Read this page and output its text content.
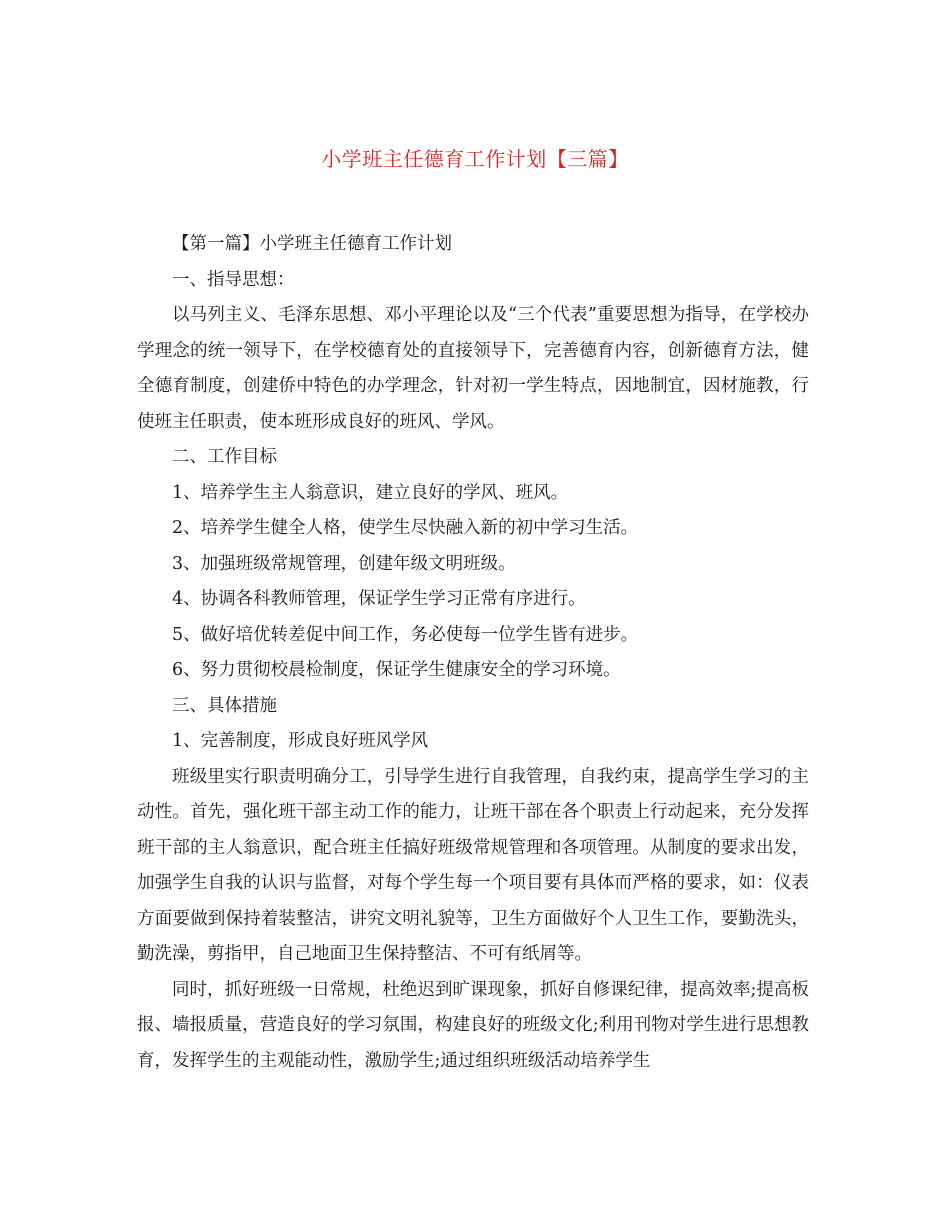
小学班主任德育工作计划【三篇】

【第一篇】小学班主任德育工作计划

一、指导思想：

以马列主义、毛泽东思想、邓小平理论以及“三个代表”重要思想为指导，在学校办学理念的统一领导下，在学校德育处的直接领导下，完善德育内容，创新德育方法，健全德育制度，创建侨中特色的办学理念，针对初一学生特点，因地制宜，因材施教，行使班主任职责，使本班形成良好的班风、学风。

二、工作目标

1、培养学生主人翁意识，建立良好的学风、班风。

2、培养学生健全人格，使学生尽快融入新的初中学习生活。

3、加强班级常规管理，创建年级文明班级。

4、协调各科教师管理，保证学生学习正常有序进行。

5、做好培优转差促中间工作，务必使每一位学生皆有进步。

6、努力贯彻校晨检制度，保证学生健康安全的学习环境。

三、具体措施

1、完善制度，形成良好班风学风

班级里实行职责明确分工，引导学生进行自我管理，自我约束，提高学生学习的主动性。首先，强化班干部主动工作的能力，让班干部在各个职责上行动起来，充分发挥班干部的主人翁意识，配合班主任搞好班级常规管理和各项管理。从制度的要求出发，加强学生自我的认识与监督，对每个学生每一个项目要有具体而严格的要求，如：仪表方面要做到保持着装整洁，讲究文明礼貌等，卫生方面做好个人卫生工作，要勤洗头，勤洗澡，剪指甲，自己地面卫生保持整洁、不可有纸屑等。

同时，抓好班级一日常规，杜绝迟到旷课现象，抓好自修课纪律，提高效率;提高板报、墙报质量，营造良好的学习氛围，构建良好的班级文化;利用刊物对学生进行思想教育，发挥学生的主观能动性，激励学生;通过组织班级活动培养学生
